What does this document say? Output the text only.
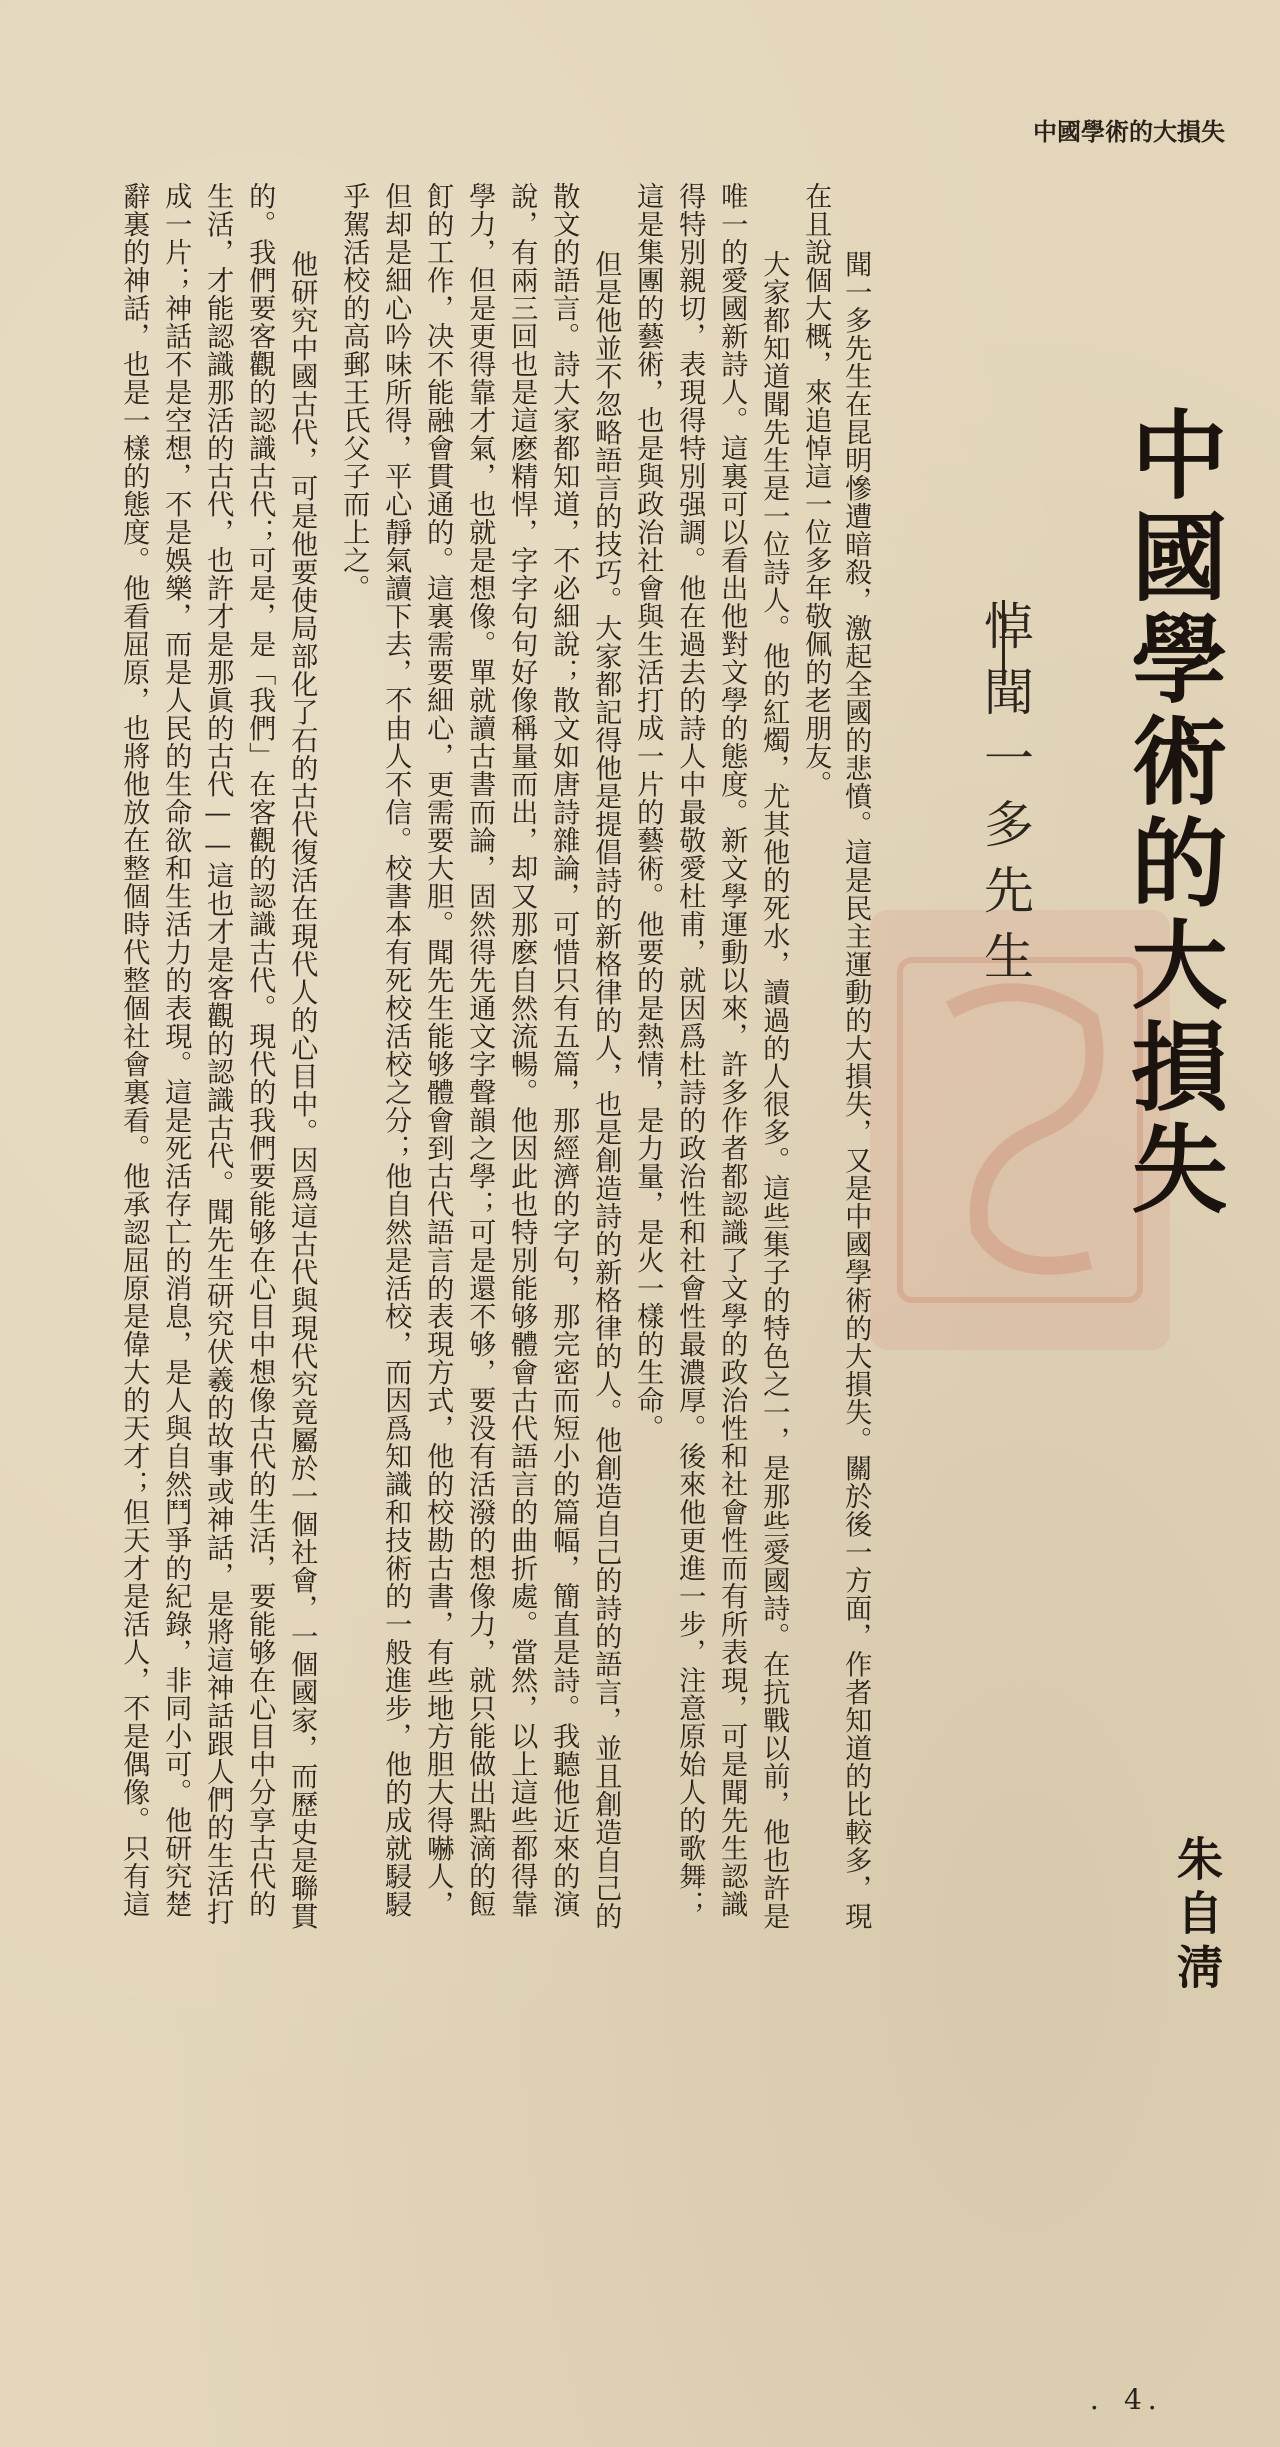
中國學術的大損失
中國學術的大損失
悼聞一多先生
朱自淸
聞一多先生在昆明慘遭暗殺，激起全國的悲憤。這是民主運動的大損失，又是中國學術的大損失。關於後一方面，作者知道的比較多，現
在且說個大概，來追悼這一位多年敬佩的老朋友。
大家都知道聞先生是一位詩人。他的紅燭，尤其他的死水，讀過的人很多。這些集子的特色之一，是那些愛國詩。在抗戰以前，他也許是
唯一的愛國新詩人。這裏可以看出他對文學的態度。新文學運動以來，許多作者都認識了文學的政治性和社會性而有所表現，可是聞先生認識
得特別親切，表現得特別强調。他在過去的詩人中最敬愛杜甫，就因爲杜詩的政治性和社會性最濃厚。後來他更進一步，注意原始人的歌舞；
這是集團的藝術，也是與政治社會與生活打成一片的藝術。他要的是熱情，是力量，是火一樣的生命。
但是他並不忽略語言的技巧。大家都記得他是提倡詩的新格律的人，也是創造詩的新格律的人。他創造自己的詩的語言，並且創造自己的
散文的語言。詩大家都知道，不必細說；散文如唐詩雜論，可惜只有五篇，那經濟的字句，那完密而短小的篇幅，簡直是詩。我聽他近來的演
說，有兩三回也是這麽精悍，字字句句好像稱量而出，却又那麽自然流暢。他因此也特別能够體會古代語言的曲折處。當然，以上這些都得靠
學力，但是更得靠才氣，也就是想像。單就讀古書而論，固然得先通文字聲韻之學；可是還不够，要没有活潑的想像力，就只能做出點滴的餖
飣的工作，决不能融會貫通的。這裏需要細心，更需要大胆。聞先生能够體會到古代語言的表現方式，他的校勘古書，有些地方胆大得嚇人，
但却是細心吟味所得，平心靜氣讀下去，不由人不信。校書本有死校活校之分；他自然是活校，而因爲知識和技術的一般進步，他的成就駸駸
乎駕活校的高郵王氏父子而上之。
他研究中國古代，可是他要使局部化了石的古代復活在現代人的心目中。因爲這古代與現代究竟屬於一個社會，一個國家，而歷史是聯貫
的。我們要客觀的認識古代；可是，是「我們」在客觀的認識古代。現代的我們要能够在心目中想像古代的生活，要能够在心目中分享古代的
生活，才能認識那活的古代，也許才是那眞的古代——這也才是客觀的認識古代。聞先生研究伏羲的故事或神話，是將這神話跟人們的生活打
成一片；神話不是空想，不是娛樂，而是人民的生命欲和生活力的表現。這是死活存亡的消息，是人與自然鬥爭的紀錄，非同小可。他研究楚
辭裏的神話，也是一樣的態度。他看屈原，也將他放在整個時代整個社會裏看。他承認屈原是偉大的天才；但天才是活人，不是偶像。只有這
．4．
